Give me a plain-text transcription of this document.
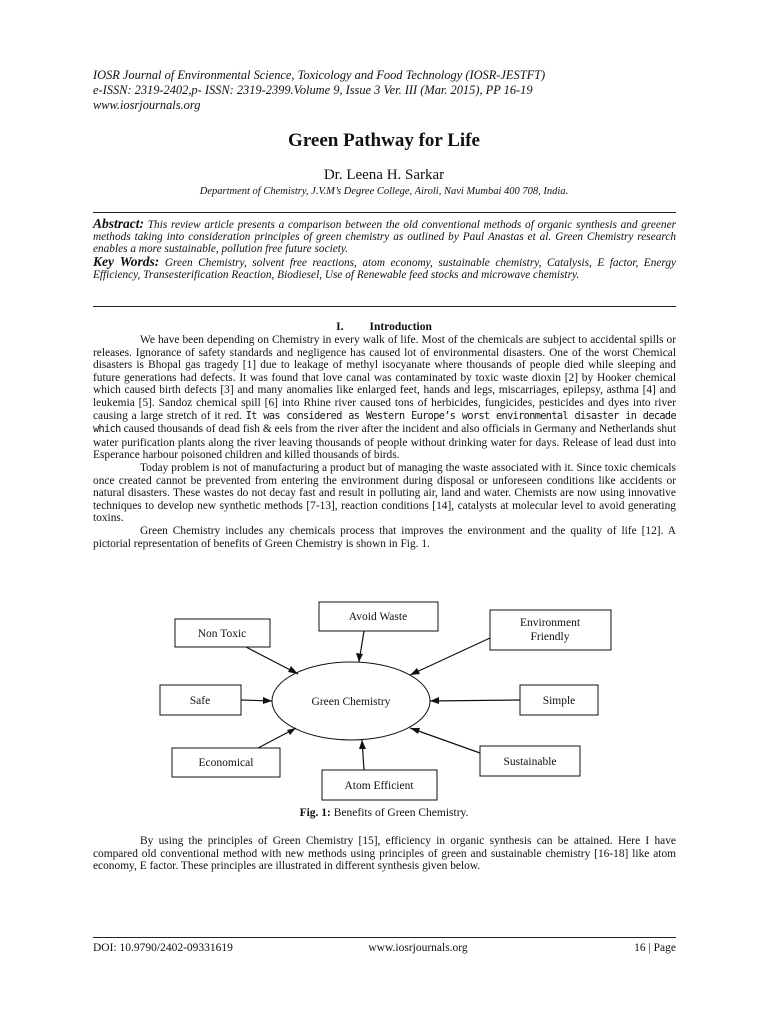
IOSR Journal of Environmental Science, Toxicology and Food Technology (IOSR-JESTFT)
e-ISSN: 2319-2402,p- ISSN: 2319-2399.Volume 9, Issue 3 Ver. III (Mar. 2015), PP 16-19
www.iosrjournals.org
Green Pathway for Life
Dr. Leena H. Sarkar
Department of Chemistry, J.V.M’s Degree College, Airoli, Navi Mumbai 400 708, India.

Abstract: This review article presents a comparison between the old conventional methods of organic synthesis and greener methods taking into consideration principles of green chemistry as outlined by Paul Anastas et al. Green Chemistry research enables a more sustainable, pollution free future society.

Key Words: Green Chemistry, solvent free reactions, atom economy, sustainable chemistry, Catalysis, E factor, Energy Efficiency, Transesterification Reaction, Biodiesel, Use of Renewable feed stocks and microwave chemistry.

I. Introduction

We have been depending on Chemistry in every walk of life. Most of the chemicals are subject to accidental spills or releases. Ignorance of safety standards and negligence has caused lot of environmental disasters. One of the worst Chemical disasters is Bhopal gas tragedy [1] due to leakage of methyl isocyanate where thousands of people died while sleeping and future generations had defects. It was found that love canal was contaminated by toxic waste dioxin [2] by Hooker chemical which caused birth defects [3] and many anomalies like enlarged feet, hands and legs, miscarriages, epilepsy, asthma [4] and leukemia [5]. Sandoz chemical spill [6] into Rhine river caused tons of herbicides, fungicides, pesticides and dyes into river causing a large stretch of it red. It was considered as Western Europe’s worst environmental disaster in decade which caused thousands of dead fish & eels from the river after the incident and also officials in Germany and Netherlands shut water purification plants along the river leaving thousands of people without drinking water for days. Release of lead dust into Esperance harbour poisoned children and killed thousands of birds.

Today problem is not of manufacturing a product but of managing the waste associated with it. Since toxic chemicals once created cannot be prevented from entering the environment during disposal or unforeseen conditions like accidents or natural disasters. These wastes do not decay fast and result in polluting air, land and water. Chemists are now using innovative techniques to develop new synthetic methods [7-13], reaction conditions [14], catalysts at molecular level to avoid generating toxins.

Green Chemistry includes any chemicals process that improves the environment and the quality of life [12]. A pictorial representation of benefits of Green Chemistry is shown in Fig. 1.

Green Chemistry
Avoid Waste
Non Toxic
Environment
Friendly
Safe	Simple
Economical	Sustainable
Atom Efficient
Fig. 1: Benefits of Green Chemistry.

By using the principles of Green Chemistry [15], efficiency in organic synthesis can be attained. Here I have compared old conventional method with new methods using principles of green and sustainable chemistry [16-18] like atom economy, E factor. These principles are illustrated in different synthesis given below.

DOI: 10.9790/2402-09331619	www.iosrjournals.org	16 | Page
